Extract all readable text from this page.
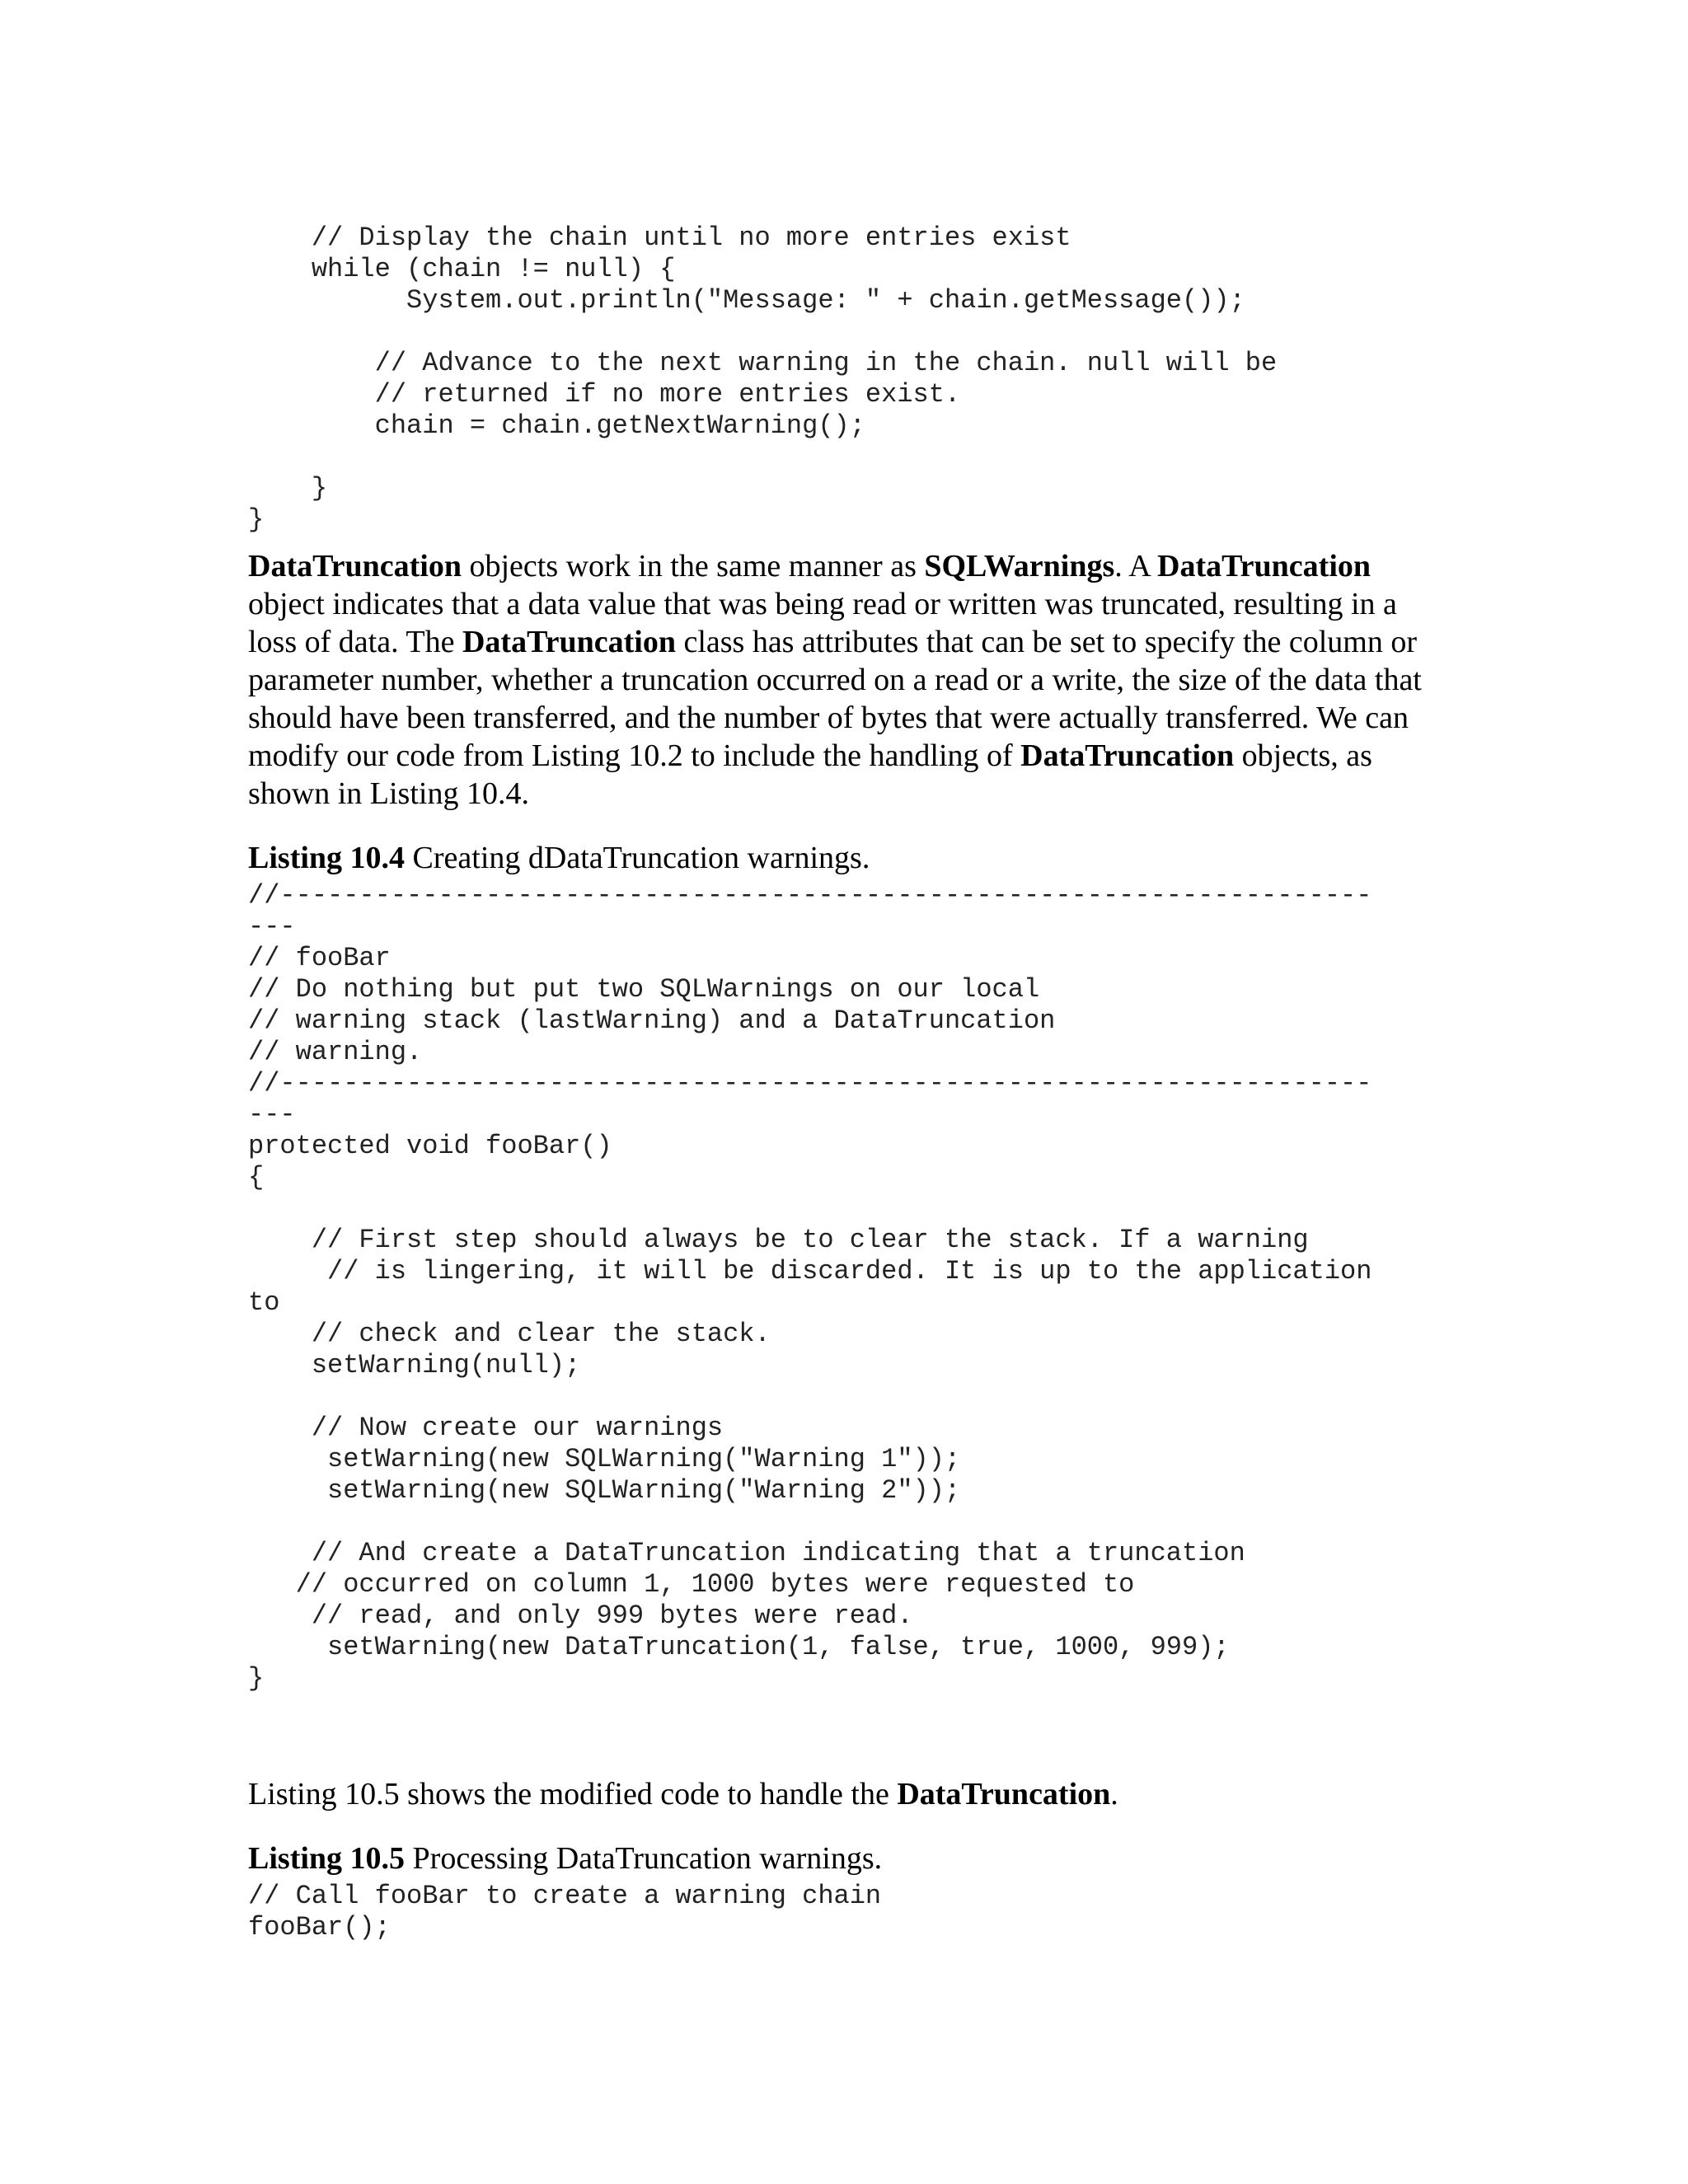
// Display the chain until no more entries exist
while (chain != null) {
System.out.println("Message: " + chain.getMessage());
// Advance to the next warning in the chain. null will be
// returned if no more entries exist.
chain = chain.getNextWarning();
}
}

DataTruncation objects work in the same manner as SQLWarnings. A DataTruncation object indicates that a data value that was being read or written was truncated, resulting in a loss of data. The DataTruncation class has attributes that can be set to specify the column or parameter number, whether a truncation occurred on a read or a write, the size of the data that should have been transferred, and the number of bytes that were actually transferred. We can modify our code from Listing 10.2 to include the handling of DataTruncation objects, as shown in Listing 10.4.

Listing 10.4 Creating dDataTruncation warnings.

//---------------------------------------------------------------------
---
// fooBar
// Do nothing but put two SQLWarnings on our local
// warning stack (lastWarning) and a DataTruncation
// warning.
//---------------------------------------------------------------------
---
protected void fooBar()
{
// First step should always be to clear the stack. If a warning
// is lingering, it will be discarded. It is up to the application
to
// check and clear the stack.
setWarning(null);
// Now create our warnings
setWarning(new SQLWarning("Warning 1"));
setWarning(new SQLWarning("Warning 2"));
// And create a DataTruncation indicating that a truncation
// occurred on column 1, 1000 bytes were requested to
// read, and only 999 bytes were read.
setWarning(new DataTruncation(1, false, true, 1000, 999);
}

Listing 10.5 shows the modified code to handle the DataTruncation.

Listing 10.5 Processing DataTruncation warnings.

// Call fooBar to create a warning chain
fooBar();
